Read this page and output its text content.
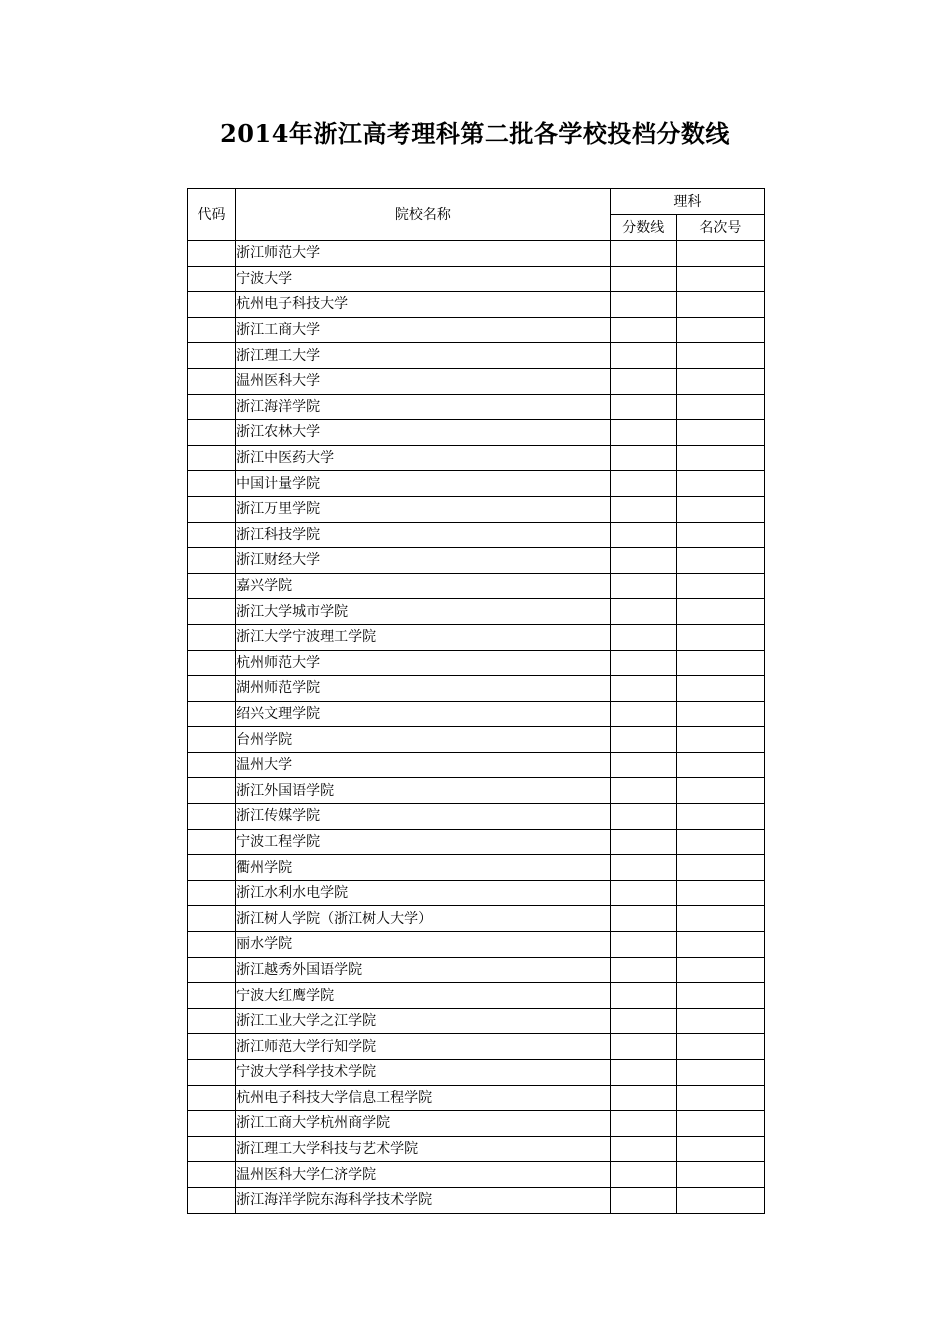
2014年浙江高考理科第二批各学校投档分数线
代码	院校名称	理科	
		分数线	名次号
	浙江师范大学		
	宁波大学		
	杭州电子科技大学		
	浙江工商大学		
	浙江理工大学		
	温州医科大学		
	浙江海洋学院		
	浙江农林大学		
	浙江中医药大学		
	中国计量学院		
	浙江万里学院		
	浙江科技学院		
	浙江财经大学		
	嘉兴学院		
	浙江大学城市学院		
	浙江大学宁波理工学院		
	杭州师范大学		
	湖州师范学院		
	绍兴文理学院		
	台州学院		
	温州大学		
	浙江外国语学院		
	浙江传媒学院		
	宁波工程学院		
	衢州学院		
	浙江水利水电学院		
	浙江树人学院（浙江树人大学）		
	丽水学院		
	浙江越秀外国语学院		
	宁波大红鹰学院		
	浙江工业大学之江学院		
	浙江师范大学行知学院		
	宁波大学科学技术学院		
	杭州电子科技大学信息工程学院		
	浙江工商大学杭州商学院		
	浙江理工大学科技与艺术学院		
	温州医科大学仁济学院		
	浙江海洋学院东海科学技术学院		
